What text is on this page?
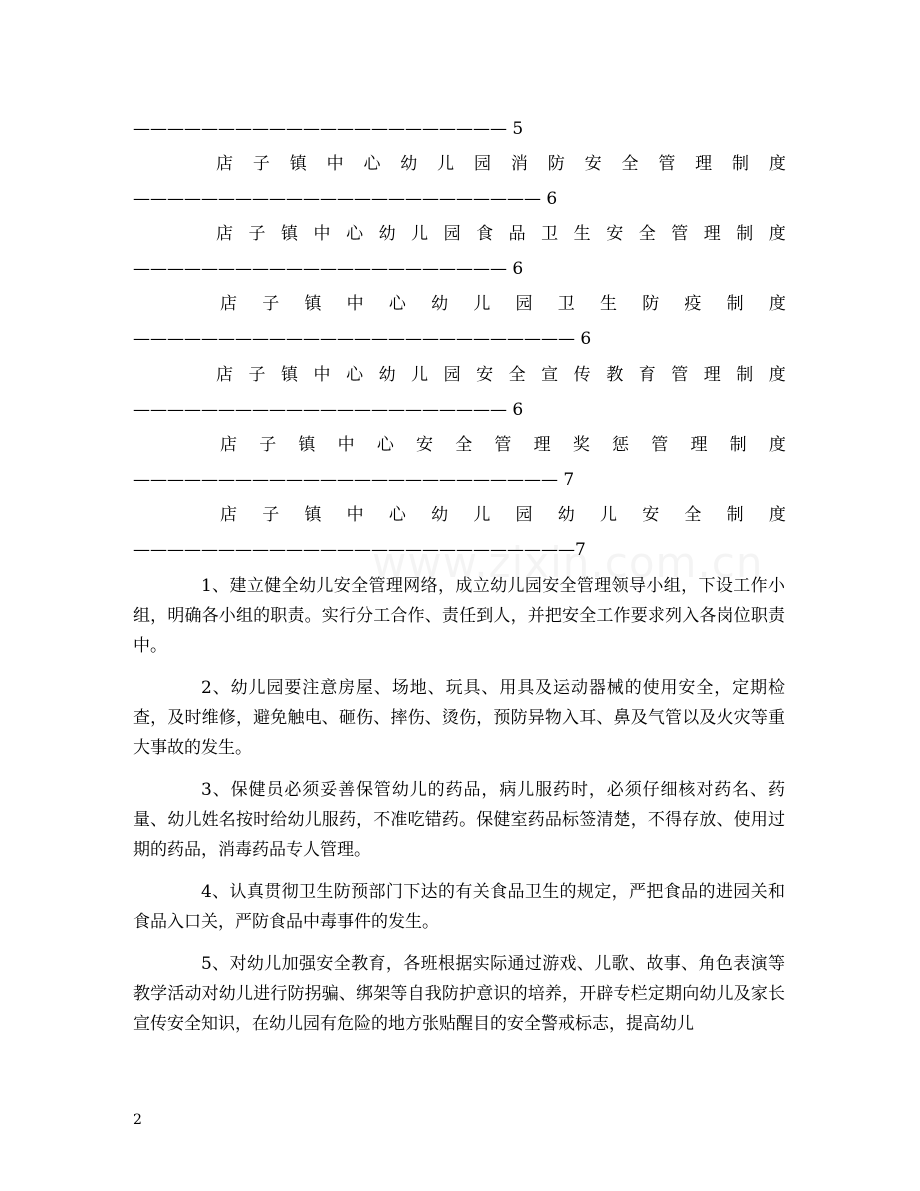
—————————————————————— 5
店 子 镇 中 心 幼 儿 园 消 防 安 全 管 理 制 度
———————————————————————— 6
店 子 镇 中 心 幼 儿 园 食 品 卫 生 安 全 管 理 制 度
—————————————————————— 6
店 子 镇 中 心 幼 儿 园 卫 生 防 疫 制 度
—————————————————————————— 6
店 子 镇 中 心 幼 儿 园 安 全 宣 传 教 育 管 理 制 度
—————————————————————— 6
店 子 镇 中 心 安 全 管 理 奖 惩 管 理 制 度
————————————————————————— 7
店 子 镇 中 心 幼 儿 园 幼 儿 安 全 制 度
——————————————————————————7

1、建立健全幼儿安全管理网络，成立幼儿园安全管理领导小组，下设工作小组，明确各小组的职责。实行分工合作、责任到人，并把安全工作要求列入各岗位职责中。

2、幼儿园要注意房屋、场地、玩具、用具及运动器械的使用安全，定期检查，及时维修，避免触电、砸伤、摔伤、烫伤，预防异物入耳、鼻及气管以及火灾等重大事故的发生。

3、保健员必须妥善保管幼儿的药品，病儿服药时，必须仔细核对药名、药量、幼儿姓名按时给幼儿服药，不准吃错药。保健室药品标签清楚，不得存放、使用过期的药品，消毒药品专人管理。

4、认真贯彻卫生防预部门下达的有关食品卫生的规定，严把食品的进园关和食品入口关，严防食品中毒事件的发生。

5、对幼儿加强安全教育，各班根据实际通过游戏、儿歌、故事、角色表演等教学活动对幼儿进行防拐骗、绑架等自我防护意识的培养，开辟专栏定期向幼儿及家长宣传安全知识，在幼儿园有危险的地方张贴醒目的安全警戒标志，提高幼儿

2
